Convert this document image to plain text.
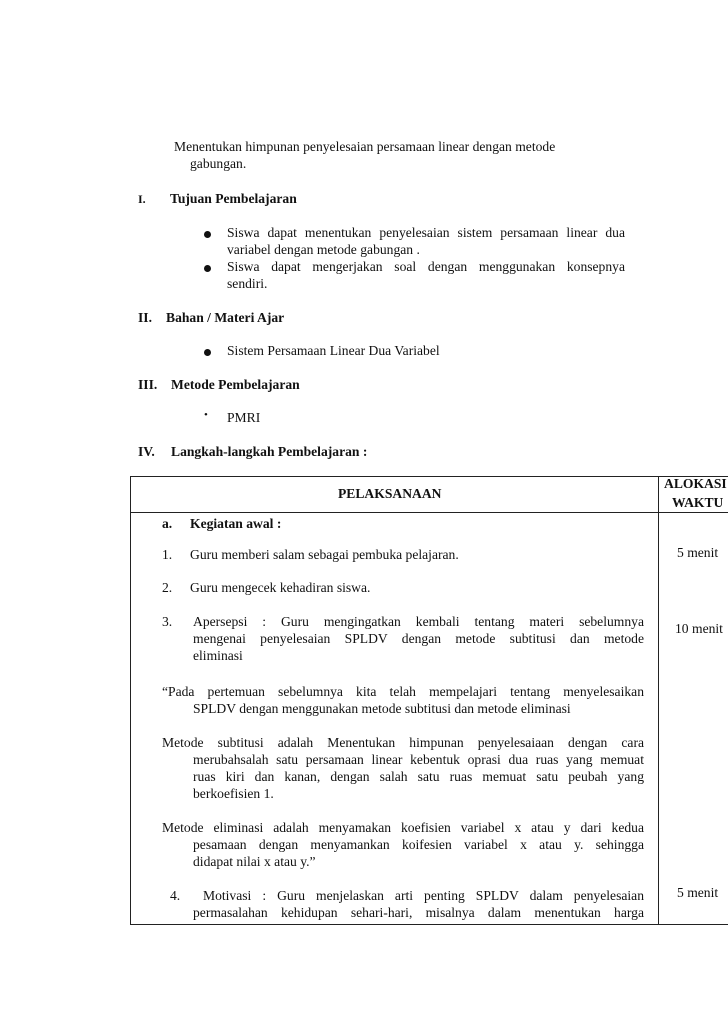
Menentukan himpunan penyelesaian persamaan linear dengan metode
gabungan.
I. Tujuan Pembelajaran
Siswa dapat menentukan penyelesaian sistem persamaan linear dua
variabel dengan metode gabungan .
Siswa dapat mengerjakan soal dengan menggunakan konsepnya
sendiri.
II. Bahan / Materi Ajar
Sistem Persamaan Linear Dua Variabel
III. Metode Pembelajaran
• PMRI
IV. Langkah-langkah Pembelajaran :
PELAKSANAAN
ALOKASI
WAKTU
a. Kegiatan awal :
1. Guru memberi salam sebagai pembuka pelajaran.	5 menit
2. Guru mengecek kehadiran siswa.
3. Apersepsi : Guru mengingatkan kembali tentang materi sebelumnya
mengenai penyelesaian SPLDV dengan metode subtitusi dan metode
eliminasi
10 menit
“Pada pertemuan sebelumnya kita telah mempelajari tentang menyelesaikan
SPLDV dengan menggunakan metode subtitusi dan metode eliminasi
Metode subtitusi adalah Menentukan himpunan penyelesaiaan dengan cara
merubahsalah satu persamaan linear kebentuk oprasi dua ruas yang memuat
ruas kiri dan kanan, dengan salah satu ruas memuat satu peubah yang
berkoefisien 1.
Metode eliminasi adalah menyamakan koefisien variabel x atau y dari kedua
pesamaan dengan menyamankan koifesien variabel x atau y. sehingga
didapat nilai x atau y.”
4. Motivasi : Guru menjelaskan arti penting SPLDV dalam penyelesaian
permasalahan kehidupan sehari-hari, misalnya dalam menentukan harga
5 menit
